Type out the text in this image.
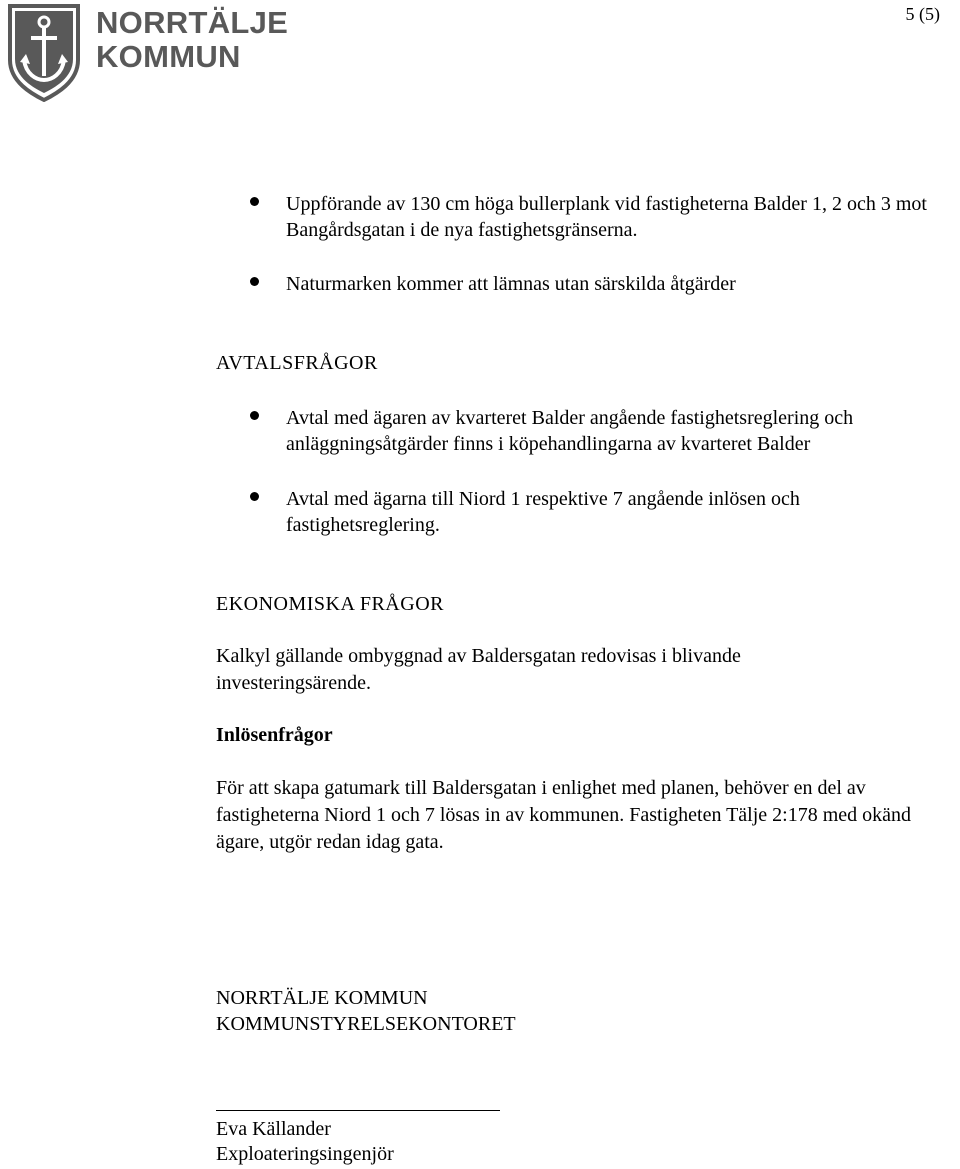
NORRTÄLJE
KOMMUN
5 (5)
Uppförande av 130 cm höga bullerplank vid fastigheterna Balder 1, 2 och 3 mot Bangårdsgatan i de nya fastighetsgränserna.
Naturmarken kommer att lämnas utan särskilda åtgärder
AVTALSFRÅGOR
Avtal med ägaren av kvarteret Balder angående fastighetsreglering och anläggningsåtgärder finns i köpehandlingarna av kvarteret Balder
Avtal med ägarna till Niord 1 respektive 7 angående inlösen och fastighetsreglering.
EKONOMISKA FRÅGOR
Kalkyl gällande ombyggnad av Baldersgatan redovisas i blivande investeringsärende.
Inlösenfrågor
För att skapa gatumark till Baldersgatan i enlighet med planen, behöver en del av fastigheterna Niord 1 och 7 lösas in av kommunen. Fastigheten Tälje 2:178 med okänd ägare, utgör redan idag gata.
NORRTÄLJE KOMMUN
KOMMUNSTYRELSEKONTORET
Eva Källander
Exploateringsingenjör
